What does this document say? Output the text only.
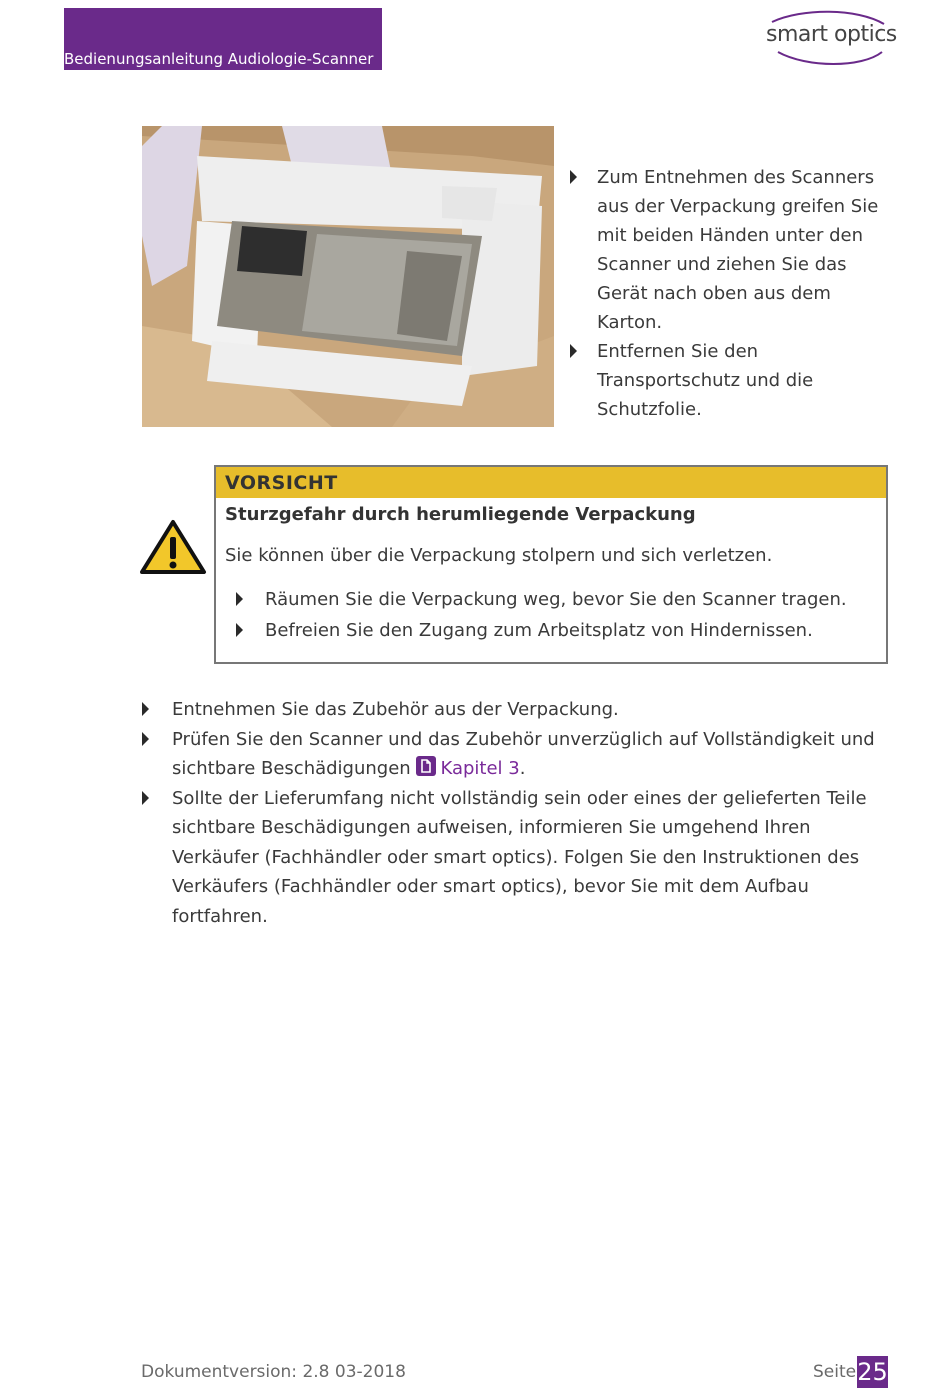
Bedienungsanleitung Audiologie-Scanner
smart optics
Zum Entnehmen des Scanners aus der Verpackung greifen Sie mit beiden Händen unter den Scanner und ziehen Sie das Gerät nach oben aus dem Karton.
Entfernen Sie den Transportschutz und die Schutzfolie.
VORSICHT
Sturzgefahr durch herumliegende Verpackung
Sie können über die Verpackung stolpern und sich verletzen.
Räumen Sie die Verpackung weg, bevor Sie den Scanner tragen.
Befreien Sie den Zugang zum Arbeitsplatz von Hindernissen.
Entnehmen Sie das Zubehör aus der Verpackung.
Prüfen Sie den Scanner und das Zubehör unverzüglich auf Vollständigkeit und sichtbare Beschädigungen Kapitel 3.
Sollte der Lieferumfang nicht vollständig sein oder eines der gelieferten Teile sichtbare Beschädigungen aufweisen, informieren Sie umgehend Ihren Verkäufer (Fachhändler oder smart optics). Folgen Sie den Instruktionen des Verkäufers (Fachhändler oder smart optics), bevor Sie mit dem Aufbau fortfahren.
Dokumentversion: 2.8 03-2018	Seite 25
